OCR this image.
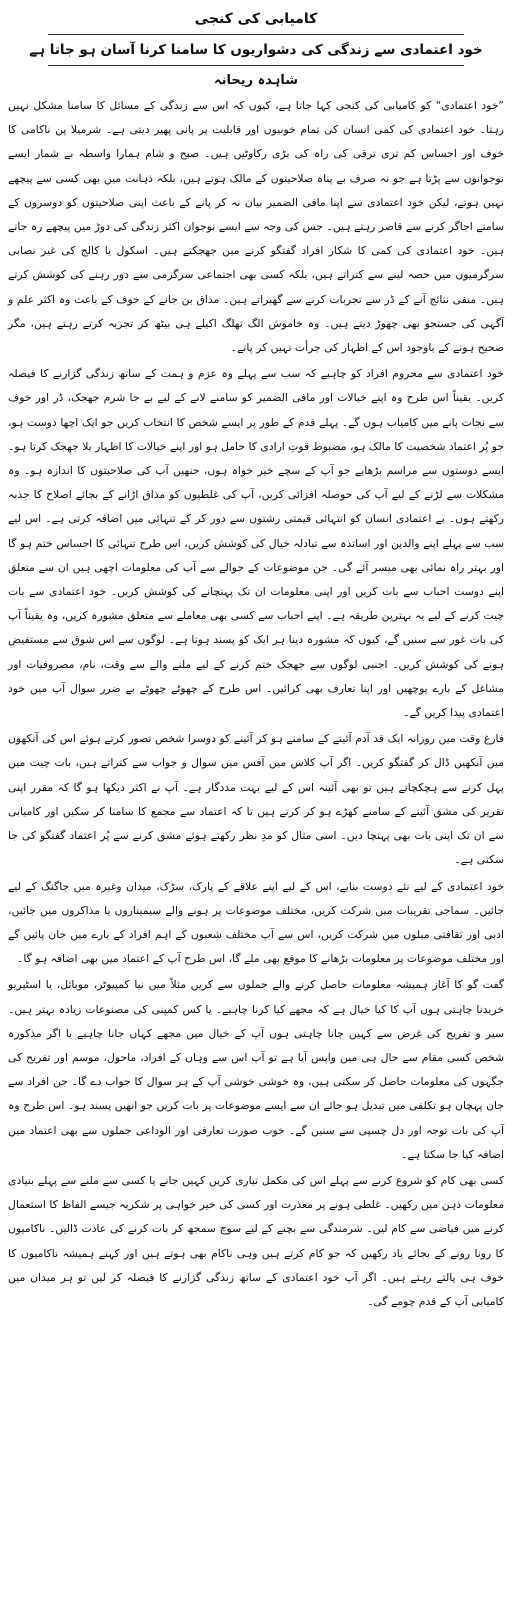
کامیابی کی کنجی
خود اعتمادی سے زندگی کی دشواریوں کا سامنا کرنا آسان ہو جاتا ہے
شاہدہ ریحانہ

”خود اعتمادی“ کو کامیابی کی کنجی کہا جاتا ہے، کیوں کہ اس سے زندگی کے مسائل کا سامنا مشکل نہیں رہتا۔ خود اعتمادی کی کمی انسان کی تمام خوبیوں اور قابلیت پر پانی پھیر دیتی ہے۔ شرمیلا پن ناکامی کا خوف اور احساس کم تری ترقی کی راہ کی بڑی رکاوٹیں ہیں۔ صبح و شام ہمارا واسطہ بے شمار ایسے نوجوانوں سے پڑتا ہے جو نہ صرف بے پناہ صلاحیتوں کے مالک ہوتے ہیں، بلکہ ذہانت میں بھی کسی سے پیچھے نہیں ہوتے، لیکن خود اعتمادی سے اپنا مافی الضمیر بیان نہ کر پانے کے باعث اپنی صلاحیتوں کو دوسروں کے سامنے اجاگر کرنے سے قاصر رہتے ہیں۔ جس کی وجہ سے ایسے نوجوان اکثر زندگی کی دوڑ میں پیچھے رہ جاتے ہیں۔ خود اعتمادی کی کمی کا شکار افراد گفتگو کرنے میں جھجکتے ہیں۔ اسکول یا کالج کی غیر نصابی سرگرمیوں میں حصہ لینے سے کتراتے ہیں، بلکہ کسی بھی اجتماعی سرگرمی سے دور رہنے کی کوشش کرتے ہیں۔ منفی نتائج آنے کے ڈر سے تجربات کرنے سے گھبراتے ہیں۔ مذاق بن جانے کے خوف کے باعث وہ اکثر علم و آگہی کی جستجو بھی چھوڑ دیتے ہیں۔ وہ خاموش الگ تھلگ اکیلے ہی بیٹھ کر تجزیہ کرتے رہتے ہیں، مگر صحیح ہونے کے باوجود اس کے اظہار کی جرأت نہیں کر پاتے۔

خود اعتمادی سے محروم افراد کو چاہیے کہ سب سے پہلے وہ عزم و ہمت کے ساتھ زندگی گزارنے کا فیصلہ کریں۔ یقیناً اس طرح وہ اپنے خیالات اور مافی الضمیر کو سامنے لانے کے لیے بے جا شرم جھجک، ڈر اور خوف سے نجات پانے میں کامیاب ہوں گے۔ پہلے قدم کے طور پر ایسے شخص کا انتخاب کریں جو ایک اچھا دوست ہو، جو پُر اعتماد شخصیت کا مالک ہو، مضبوط قوتِ ارادی کا حامل ہو اور اپنے خیالات کا اظہار بلا جھجک کرتا ہو۔ ایسے دوستوں سے مراسم بڑھایے جو آپ کے سچے خیر خواہ ہوں، جنھیں آپ کی صلاحیتوں کا اندازہ ہو۔ وہ مشکلات سے لڑنے کے لیے آپ کی حوصلہ افزائی کریں، آپ کی غلطیوں کو مذاق اڑانے کے بجائے اصلاح کا جذبہ رکھتے ہوں۔ بے اعتمادی انسان کو انتہائی قیمتی رشتوں سے دور کر کے تنہائی میں اضافہ کرتی ہے۔ اس لیے سب سے پہلے اپنے والدین اور اساتذہ سے تبادلہ خیال کی کوشش کریں، اس طرح تنہائی کا احساس ختم ہو گا اور بہتر راہ نمائی بھی میسر آئے گی۔ جن موضوعات کے حوالے سے آپ کی معلومات اچھی ہیں ان سے متعلق اپنے دوست احباب سے بات کریں اور اپنی معلومات ان تک پہنچانے کی کوشش کریں۔ خود اعتمادی سے بات چیت کرنے کے لیے یہ بہترین طریقہ ہے۔ اپنے احباب سے کسی بھی معاملے سے متعلق مشورہ کریں، وہ یقیناً آپ کی بات غور سے سنیں گے، کیوں کہ مشورہ دینا ہر ایک کو پسند ہوتا ہے۔ لوگوں سے اس شوق سے مستفیض ہونے کی کوشش کریں۔ اجنبی لوگوں سے جھجک ختم کرنے کے لیے ملنے والے سے وقت، نام، مصروفیات اور مشاغل کے بارے پوچھیں اور اپنا تعارف بھی کرائیں۔ اس طرح کے چھوٹے چھوٹے بے ضرر سوال آپ میں خود اعتمادی پیدا کریں گے۔

فارغ وقت میں روزانہ ایک قد آدم آئینے کے سامنے ہو کر آئینے کو دوسرا شخص تصور کرتے ہوئے اس کی آنکھوں میں آنکھیں ڈال کر گفتگو کریں۔ اگر آپ کلاس میں آفس میں سوال و جواب سے کتراتے ہیں، بات چیت میں پہل کرنے سے ہچکچاتے ہیں تو بھی آئینہ اس کے لیے بہت مددگار ہے۔ آپ نے اکثر دیکھا ہو گا کہ مقرر اپنی تقریر کی مشق آئینے کے سامنے کھڑے ہو کر کرتے ہیں تا کہ اعتماد سے مجمع کا سامنا کر سکیں اور کامیابی سے ان تک اپنی بات بھی پہنچا دیں۔ اسی مثال کو مدِ نظر رکھتے ہوئے مشق کرنے سے پُر اعتماد گفتگو کی جا سکتی ہے۔

خود اعتمادی کے لیے نئے دوست بنایے، اس کے لیے اپنے علاقے کے پارک، سڑک، میدان وغیرہ میں جاگنگ کے لیے جائیں۔ سماجی تقریبات میں شرکت کریں، مختلف موضوعات پر ہونے والے سیمیناروں یا مذاکروں میں جائیں، ادبی اور ثقافتی میلوں میں شرکت کریں، اس سے آپ مختلف شعبوں کے اہم افراد کے بارے میں جان پائیں گے اور مختلف موضوعات پر معلومات بڑھانے کا موقع بھی ملے گا، اس طرح آپ کے اعتماد میں بھی اضافہ ہو گا۔

گفت گو کا آغاز ہمیشہ معلومات حاصل کرنے والے جملوں سے کریں مثلاً میں نیا کمپیوٹر، موبائل، یا اسٹیریو خریدنا چاہتی ہوں آپ کا کیا خیال ہے کہ مجھے کیا کرنا چاہیے۔ یا کس کمپنی کی مصنوعات زیادہ بہتر ہیں۔ سیر و تفریح کی غرض سے کہیں جانا چاہتی ہوں آپ کے خیال میں مجھے کہاں جانا چاہیے یا اگر مذکورہ شخص کسی مقام سے حال ہی میں واپس آیا ہے تو آپ اس سے وہاں کے افراد، ماحول، موسم اور تفریح کی جگہوں کی معلومات حاصل کر سکتی ہیں، وہ خوشی خوشی آپ کے ہر سوال کا جواب دے گا۔ جن افراد سے جان پہچان ہو تکلفی میں تبدیل ہو جائے ان سے ایسے موضوعات پر بات کریں جو انھیں پسند ہو۔ اس طرح وہ آپ کی بات توجہ اور دل چسپی سے سنیں گے۔ خوب صورت تعارفی اور الوداعی جملوں سے بھی اعتماد میں اضافہ کیا جا سکتا ہے۔

کسی بھی کام کو شروع کرنے سے پہلے اس کی مکمل تیاری کریں کہیں جانے یا کسی سے ملنے سے پہلے بنیادی معلومات ذہن میں رکھیں۔ غلطی ہونے پر معذرت اور کسی کی خیر خواہی پر شکریہ جیسے الفاظ کا استعمال کرنے میں فیاضی سے کام لیں۔ شرمندگی سے بچنے کے لیے سوچ سمجھ کر بات کرنے کی عادت ڈالیں۔ ناکامیوں کا رونا رونے کے بجائے یاد رکھیں کہ جو کام کرتے ہیں وہی ناکام بھی ہوتے ہیں اور کہنے ہمیشہ ناکامیوں کا خوف ہی پالتے رہتے ہیں۔ اگر آپ خود اعتمادی کے ساتھ زندگی گزارنے کا فیصلہ کر لیں تو ہر میدان میں کامیابی آپ کے قدم چومے گی۔
